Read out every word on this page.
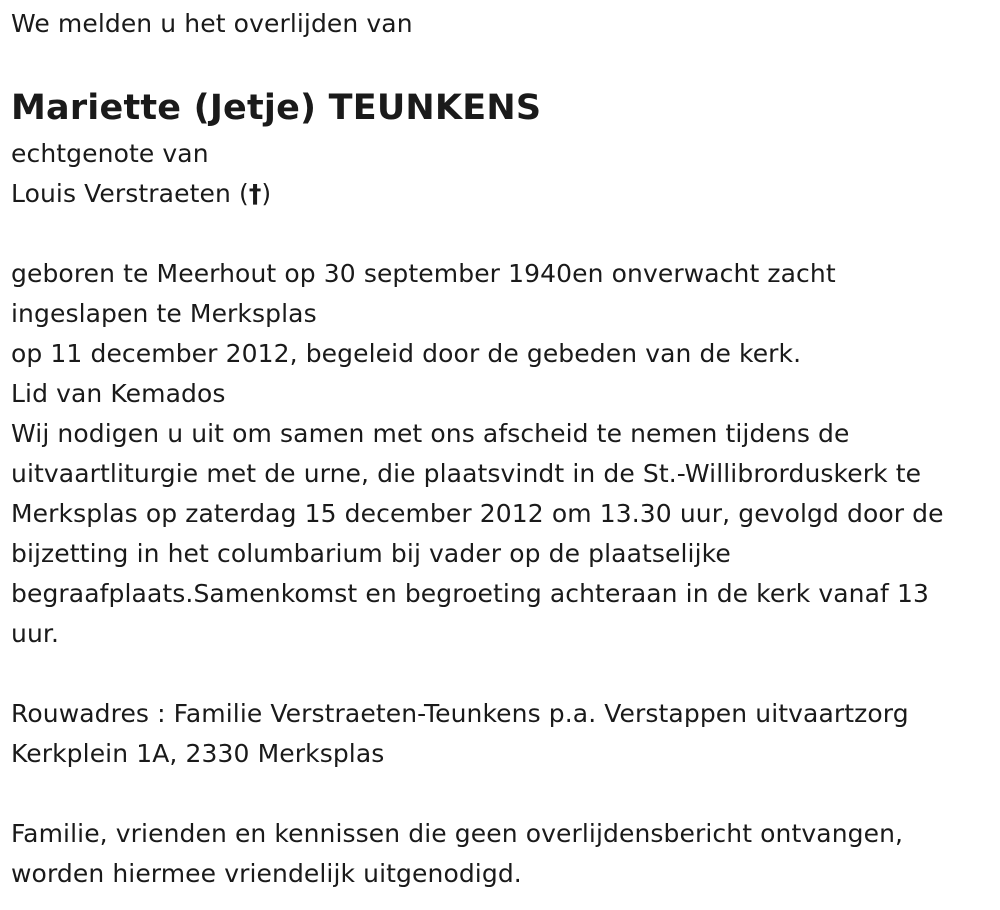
We melden u het overlijden van
Mariette (Jetje) TEUNKENS
echtgenote van
Louis Verstraeten (†)
geboren te Meerhout op 30 september 1940en onverwacht zacht
ingeslapen te Merksplas
op 11 december 2012, begeleid door de gebeden van de kerk.
Lid van Kemados
Wij nodigen u uit om samen met ons afscheid te nemen tijdens de
uitvaartliturgie met de urne, die plaatsvindt in de St.-Willibrorduskerk te
Merksplas op zaterdag 15 december 2012 om 13.30 uur, gevolgd door de
bijzetting in het columbarium bij vader op de plaatselijke
begraafplaats.Samenkomst en begroeting achteraan in de kerk vanaf 13
uur.
Rouwadres : Familie Verstraeten-Teunkens p.a. Verstappen uitvaartzorg
Kerkplein 1A, 2330 Merksplas
Familie, vrienden en kennissen die geen overlijdensbericht ontvangen,
worden hiermee vriendelijk uitgenodigd.
